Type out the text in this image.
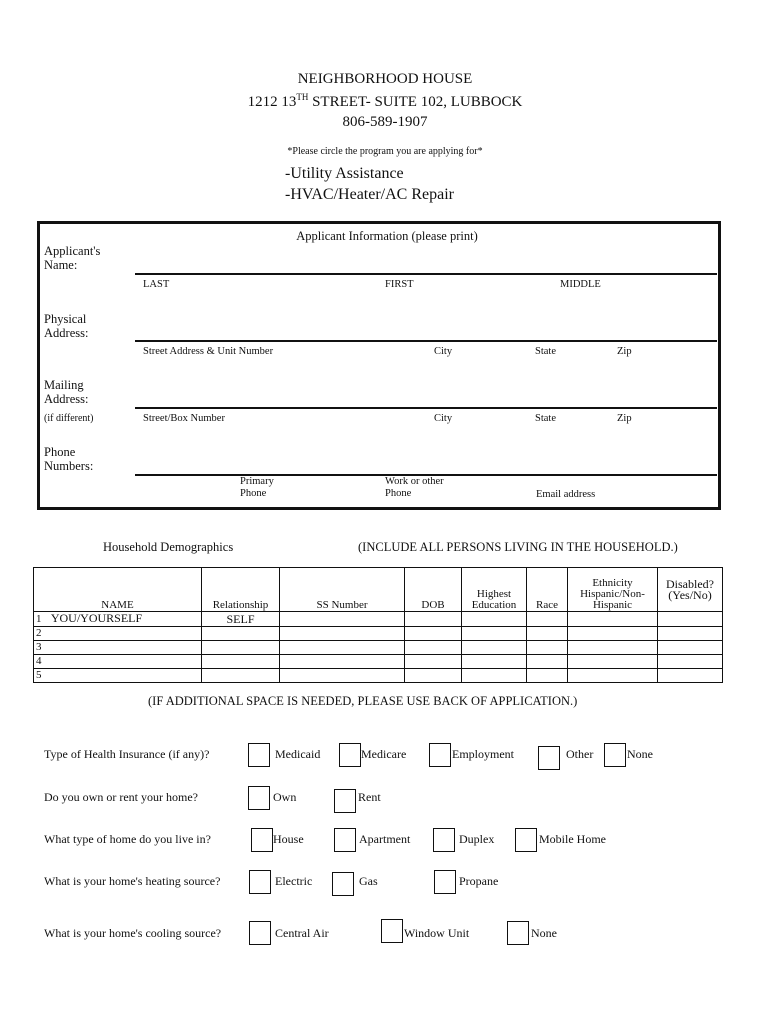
NEIGHBORHOOD HOUSE
1212 13TH STREET- SUITE 102, LUBBOCK
806-589-1907
*Please circle the program you are applying for*
-Utility Assistance
-HVAC/Heater/AC Repair
Applicant Information (please print)
Applicant's Name:
LAST	FIRST	MIDDLE
Physical Address:
Street Address & Unit Number	City	State	Zip
Mailing Address:
(if different)	Street/Box Number	City	State	Zip
Phone Numbers:
Primary Phone
Work or other Phone	Email address
Household Demographics	(INCLUDE ALL PERSONS LIVING IN THE HOUSEHOLD.)
NAME	Relationship	SS Number	DOB	Highest Education	Race	Ethnicity Hispanic/Non-Hispanic	Disabled? (Yes/No)
1 YOU/YOURSELF	SELF						
2							
3							
4							
5							
(IF ADDITIONAL SPACE IS NEEDED, PLEASE USE BACK OF APPLICATION.)
Type of Health Insurance (if any)?	Medicaid	Medicare	Employment	Other	None
Do you own or rent your home?	Own	Rent
What type of home do you live in?	House	Apartment	Duplex	Mobile Home
What is your home's heating source?	Electric	Gas	Propane
What is your home's cooling source?	Central Air	Window Unit	None
